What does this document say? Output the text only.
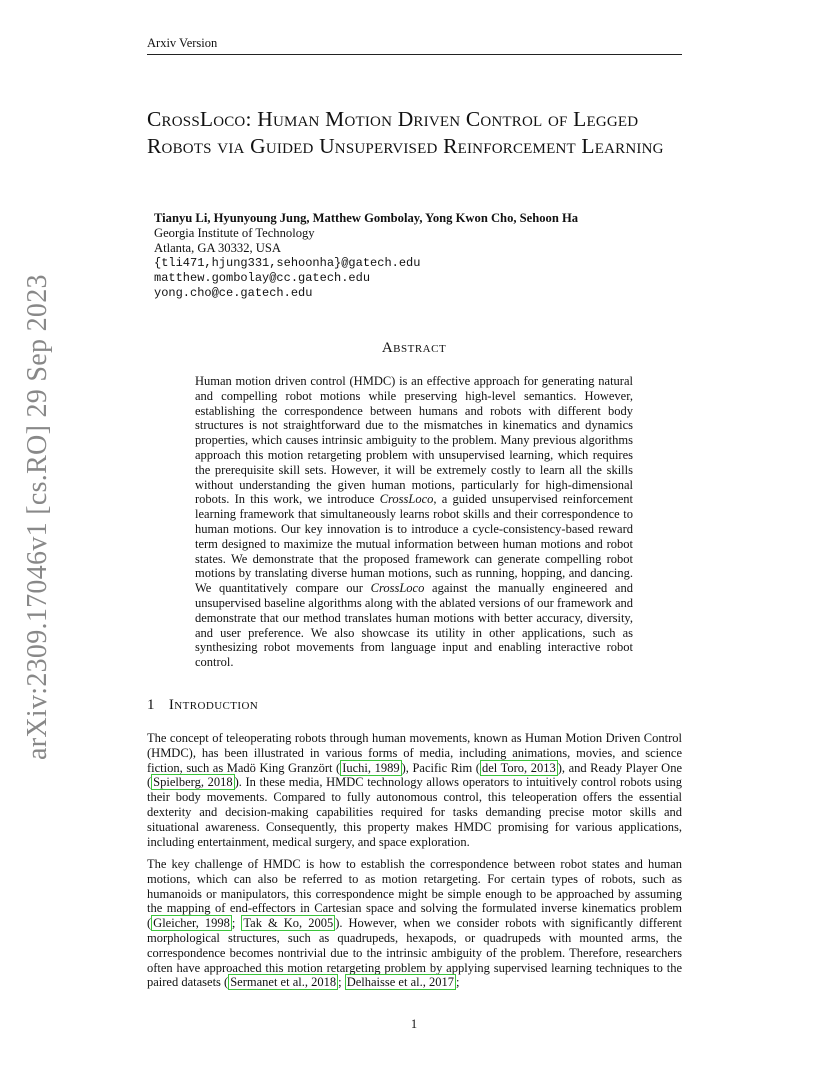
Arxiv Version
arXiv:2309.17046v1 [cs.RO] 29 Sep 2023
CrossLoco: Human Motion Driven Control of Legged Robots via Guided Unsupervised Reinforcement Learning
Tianyu Li, Hyunyoung Jung, Matthew Gombolay, Yong Kwon Cho, Sehoon Ha
Georgia Institute of Technology
Atlanta, GA 30332, USA
{tli471,hjung331,sehoonha}@gatech.edu
matthew.gombolay@cc.gatech.edu
yong.cho@ce.gatech.edu
Abstract

Human motion driven control (HMDC) is an effective approach for generating natural and compelling robot motions while preserving high-level semantics. However, establishing the correspondence between humans and robots with different body structures is not straightforward due to the mismatches in kinematics and dynamics properties, which causes intrinsic ambiguity to the problem. Many previous algorithms approach this motion retargeting problem with unsupervised learning, which requires the prerequisite skill sets. However, it will be extremely costly to learn all the skills without understanding the given human motions, particularly for high-dimensional robots. In this work, we introduce CrossLoco, a guided unsupervised reinforcement learning framework that simultaneously learns robot skills and their correspondence to human motions. Our key innovation is to introduce a cycle-consistency-based reward term designed to maximize the mutual information between human motions and robot states. We demonstrate that the proposed framework can generate compelling robot motions by translating diverse human motions, such as running, hopping, and dancing. We quantitatively compare our CrossLoco against the manually engineered and unsupervised baseline algorithms along with the ablated versions of our framework and demonstrate that our method translates human motions with better accuracy, diversity, and user preference. We also showcase its utility in other applications, such as synthesizing robot movements from language input and enabling interactive robot control.

1 Introduction

The concept of teleoperating robots through human movements, known as Human Motion Driven Control (HMDC), has been illustrated in various forms of media, including animations, movies, and science fiction, such as Madö King Granzört ( Iuchi, 1989 ), Pacific Rim ( del Toro, 2013 ), and Ready Player One ( Spielberg, 2018 ). In these media, HMDC technology allows operators to intuitively control robots using their body movements. Compared to fully autonomous control, this teleoperation offers the essential dexterity and decision-making capabilities required for tasks demanding precise motor skills and situational awareness. Consequently, this property makes HMDC promising for various applications, including entertainment, medical surgery, and space exploration.

The key challenge of HMDC is how to establish the correspondence between robot states and human motions, which can also be referred to as motion retargeting. For certain types of robots, such as humanoids or manipulators, this correspondence might be simple enough to be approached by assuming the mapping of end-effectors in Cartesian space and solving the formulated inverse kinematics problem ( Gleicher, 1998 ; Tak & Ko, 2005 ). However, when we consider robots with significantly different morphological structures, such as quadrupeds, hexapods, or quadrupeds with mounted arms, the correspondence becomes nontrivial due to the intrinsic ambiguity of the problem. Therefore, researchers often have approached this motion retargeting problem by applying supervised learning techniques to the paired datasets ( Sermanet et al., 2018 ; Delhaisse et al., 2017 ;

1
